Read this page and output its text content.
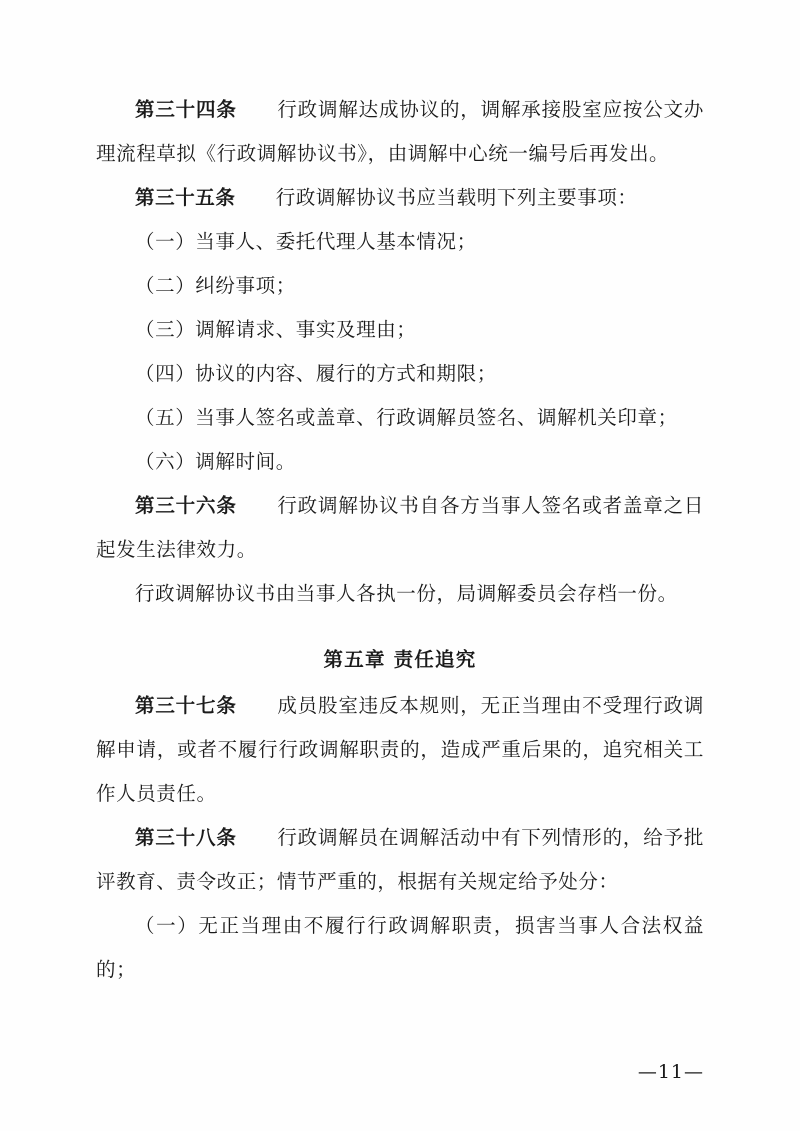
第三十四条　　 行政调解达成协议的，调解承接股室应按公文办理流程草拟《行政调解协议书》，由调解中心统一编号后再发出。

第三十五条　　 行政调解协议书应当载明下列主要事项：

（一）当事人、委托代理人基本情况；

（二）纠纷事项；

（三）调解请求、事实及理由；

（四）协议的内容、履行的方式和期限；

（五）当事人签名或盖章、行政调解员签名、调解机关印章；

（六）调解时间。

第三十六条　　 行政调解协议书自各方当事人签名或者盖章之日起发生法律效力。

行政调解协议书由当事人各执一份，局调解委员会存档一份。

第五章 责任追究

第三十七条　　 成员股室违反本规则，无正当理由不受理行政调解申请，或者不履行行政调解职责的，造成严重后果的，追究相关工作人员责任。

第三十八条　　 行政调解员在调解活动中有下列情形的，给予批评教育、责令改正；情节严重的，根据有关规定给予处分：

（一）无正当理由不履行行政调解职责，损害当事人合法权益的；

—11—
